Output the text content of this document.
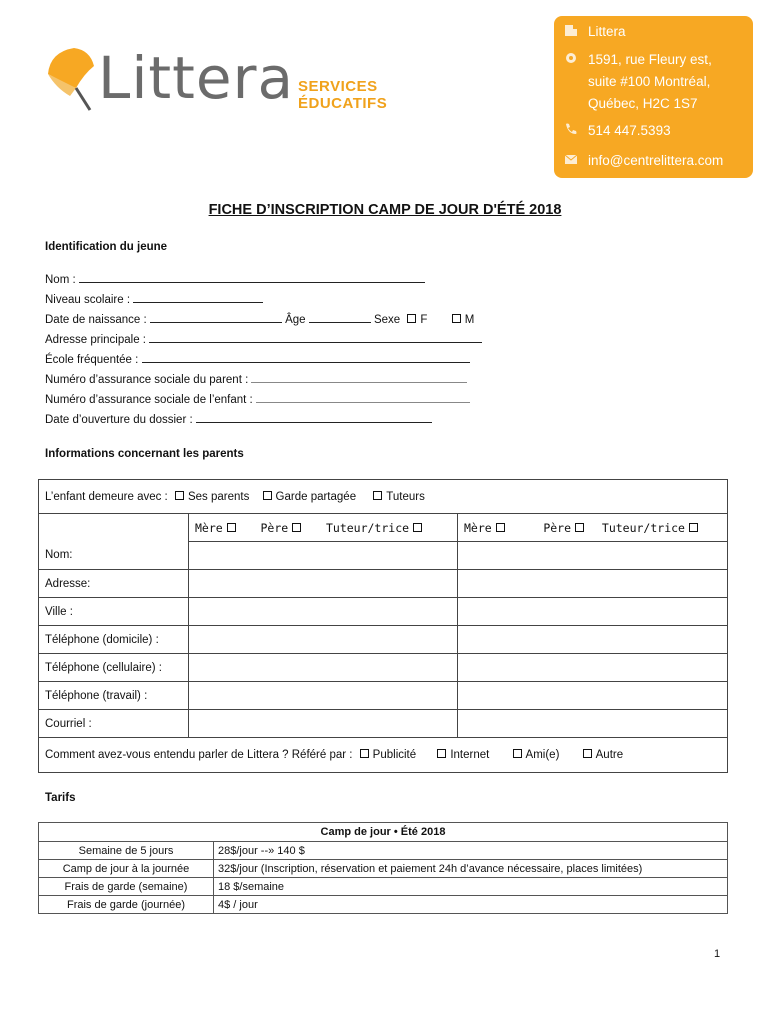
Littera SERVICES
ÉDUCATIFS
Littera
1591, rue Fleury est,
suite #100 Montréal,
Québec, H2C 1S7
514 447.5393
info@centrelittera.com
FICHE D’INSCRIPTION CAMP DE JOUR D'ÉTÉ 2018
Identification du jeune
Nom :
Niveau scolaire :
Date de naissance :	Âge	Sexe F	M
Adresse principale :
École fréquentée :
Numéro d’assurance sociale du parent :
Numéro d’assurance sociale de l’enfant :
Date d’ouverture du dossier :
Informations concernant les parents
L’enfant demeure avec : Ses parents Garde partagée Tuteurs		
	Mère Père Tuteur/trice	Mère Père Tuteur/trice
Nom:		
Adresse:		
Ville :		
Téléphone (domicile) :		
Téléphone (cellulaire) :		
Téléphone (travail) :		
Courriel :		
Comment avez-vous entendu parler de Littera ? Référé par : Publicité Internet Ami(e) Autre		
Tarifs
Camp de jour • Été 2018	
Semaine de 5 jours	28$/jour --» 140 $
Camp de jour à la journée	32$/jour (Inscription, réservation et paiement 24h d’avance nécessaire, places limitées)
Frais de garde (semaine)	18 $/semaine
Frais de garde (journée)	4$ / jour
1
